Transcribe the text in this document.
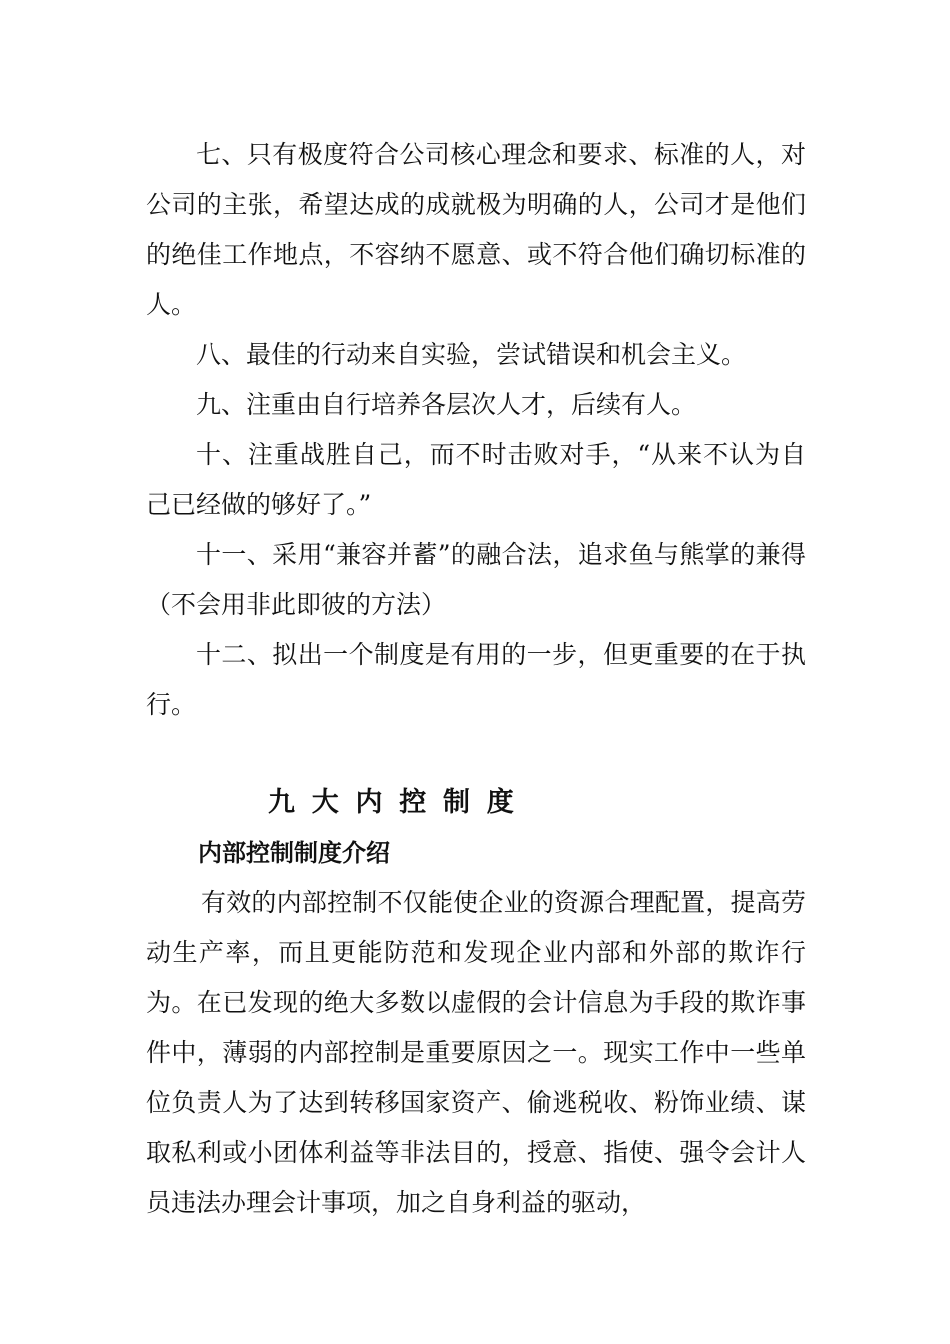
七、只有极度符合公司核心理念和要求、标准的人，对公司的主张，希望达成的成就极为明确的人，公司才是他们的绝佳工作地点，不容纳不愿意、或不符合他们确切标准的人。

八、最佳的行动来自实验，尝试错误和机会主义。

九、注重由自行培养各层次人才，后续有人。

十、注重战胜自己，而不时击败对手，“从来不认为自己已经做的够好了。”

十一、采用“兼容并蓄”的融合法，追求鱼与熊掌的兼得（不会用非此即彼的方法）

十二、拟出一个制度是有用的一步，但更重要的在于执行。

九大内控制度
内部控制制度介绍

有效的内部控制不仅能使企业的资源合理配置，提高劳动生产率，而且更能防范和发现企业内部和外部的欺诈行为。在已发现的绝大多数以虚假的会计信息为手段的欺诈事件中，薄弱的内部控制是重要原因之一。现实工作中一些单位负责人为了达到转移国家资产、偷逃税收、粉饰业绩、谋取私利或小团体利益等非法目的，授意、指使、强令会计人员违法办理会计事项，加之自身利益的驱动，
